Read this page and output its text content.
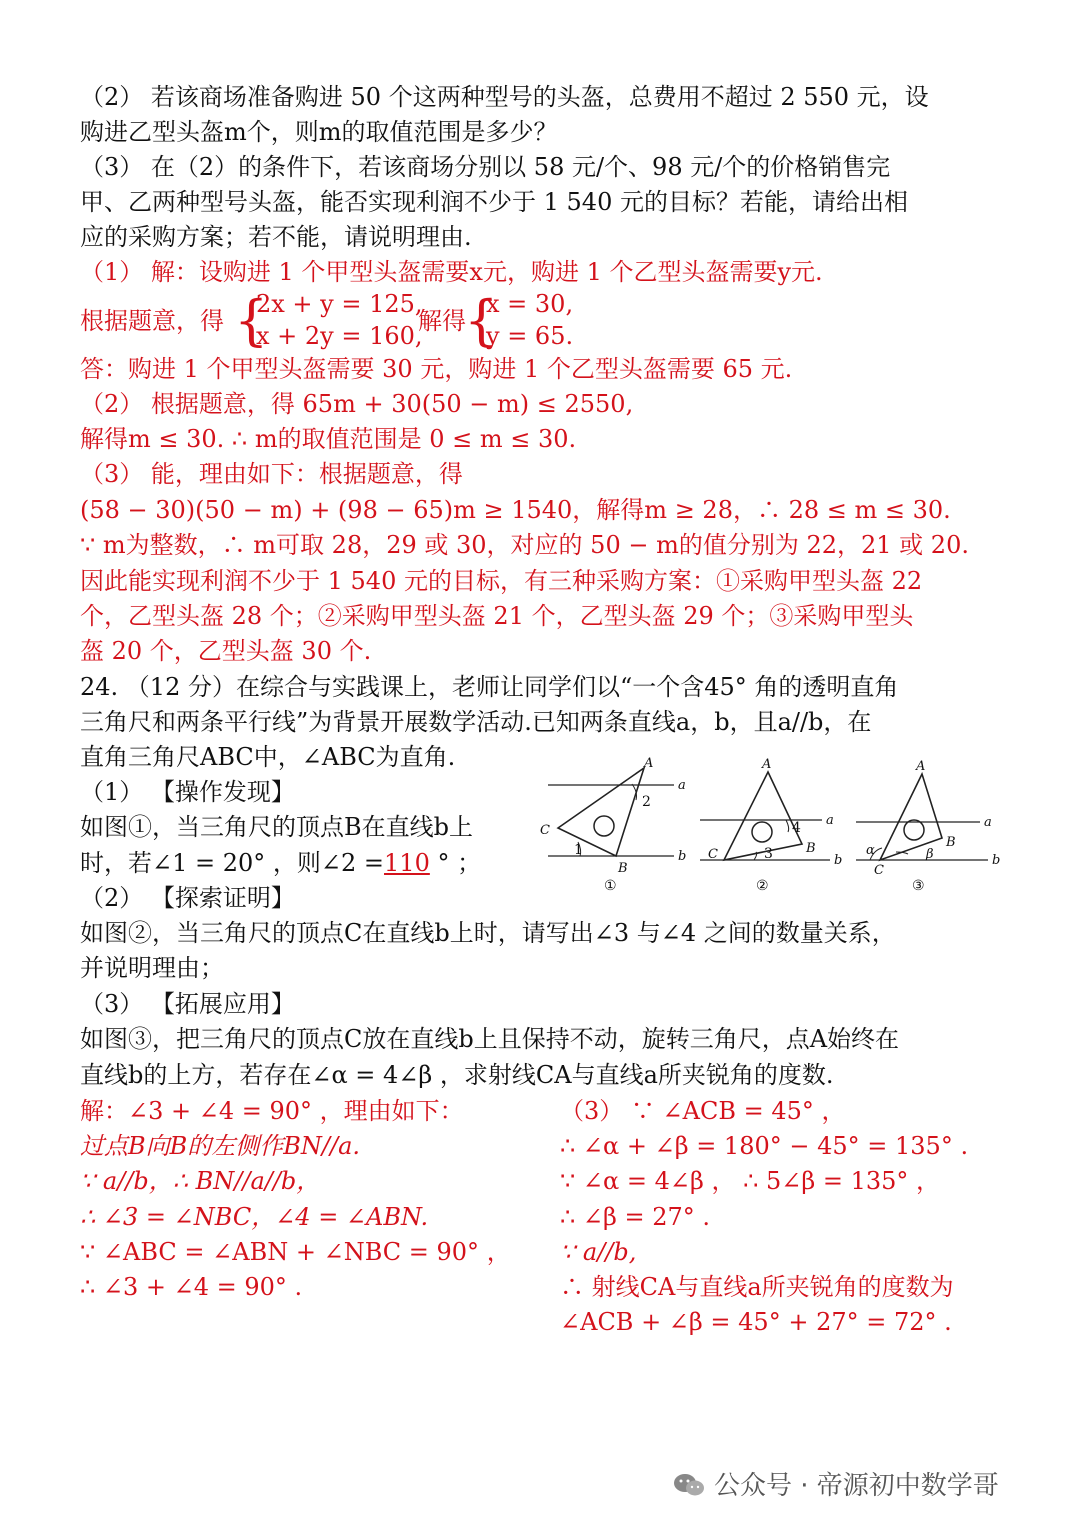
（2） 若该商场准备购进 50 个这两种型号的头盔，总费用不超过 2 550 元，设
购进乙型头盔m个，则m的取值范围是多少？
（3） 在（2）的条件下，若该商场分别以 58 元/个、98 元/个的价格销售完
甲、乙两种型号头盔，能否实现利润不少于 1 540 元的目标？若能，请给出相
应的采购方案；若不能，请说明理由.
（1） 解：设购进 1 个甲型头盔需要x元，购进 1 个乙型头盔需要y元.
根据题意，得 {
2x + y = 125,
x + 2y = 160,
解得
{
x = 30,
y = 65.
答：购进 1 个甲型头盔需要 30 元，购进 1 个乙型头盔需要 65 元.
（2） 根据题意，得 65m + 30(50 − m) ≤ 2550,
解得m ≤ 30. ∴ m的取值范围是 0 ≤ m ≤ 30.
（3） 能，理由如下：根据题意，得
(58 − 30)(50 − m) + (98 − 65)m ≥ 1540，解得m ≥ 28，∴ 28 ≤ m ≤ 30.
∵ m为整数，∴ m可取 28，29 或 30，对应的 50 − m的值分别为 22，21 或 20.
因此能实现利润不少于 1 540 元的目标，有三种采购方案：①采购甲型头盔 22
个，乙型头盔 28 个；②采购甲型头盔 21 个，乙型头盔 29 个；③采购甲型头
盔 20 个，乙型头盔 30 个.
24. （12 分）在综合与实践课上，老师让同学们以“一个含45° 角的透明直角
三角尺和两条平行线”为背景开展数学活动.已知两条直线a，b，且a//b，在
直角三角尺ABC中，∠ABC为直角.
（1） 【操作发现】
如图①，当三角尺的顶点B在直线b上
时，若∠1 = 20° ，则∠2 =110 ° ；
（2） 【探索证明】
如图②，当三角尺的顶点C在直线b上时，请写出∠3 与∠4 之间的数量关系，
并说明理由；
（3） 【拓展应用】
如图③，把三角尺的顶点C放在直线b上且保持不动，旋转三角尺，点A始终在
直线b的上方，若存在∠α = 4∠β ，求射线CA与直线a所夹锐角的度数.
A
B
C
a
b
1
2
①
A
B
C
a
b
3
4
②
A
B
C
a
b
α	β
③
解：∠3 + ∠4 = 90° ，理由如下：
过点B向B的左侧作BN//a.
∵ a//b，∴ BN//a//b，
∴ ∠3 = ∠NBC，∠4 = ∠ABN.
∵ ∠ABC = ∠ABN + ∠NBC = 90° ，
∴ ∠3 + ∠4 = 90° .
（3） ∵ ∠ACB = 45° ，
∴ ∠α + ∠β = 180° − 45° = 135° .
∵ ∠α = 4∠β ， ∴ 5∠β = 135° ，
∴ ∠β = 27° .
∵ a//b,
∴ 射线CA与直线a所夹锐角的度数为
∠ACB + ∠β = 45° + 27° = 72° .
公众号 · 帝源初中数学哥
